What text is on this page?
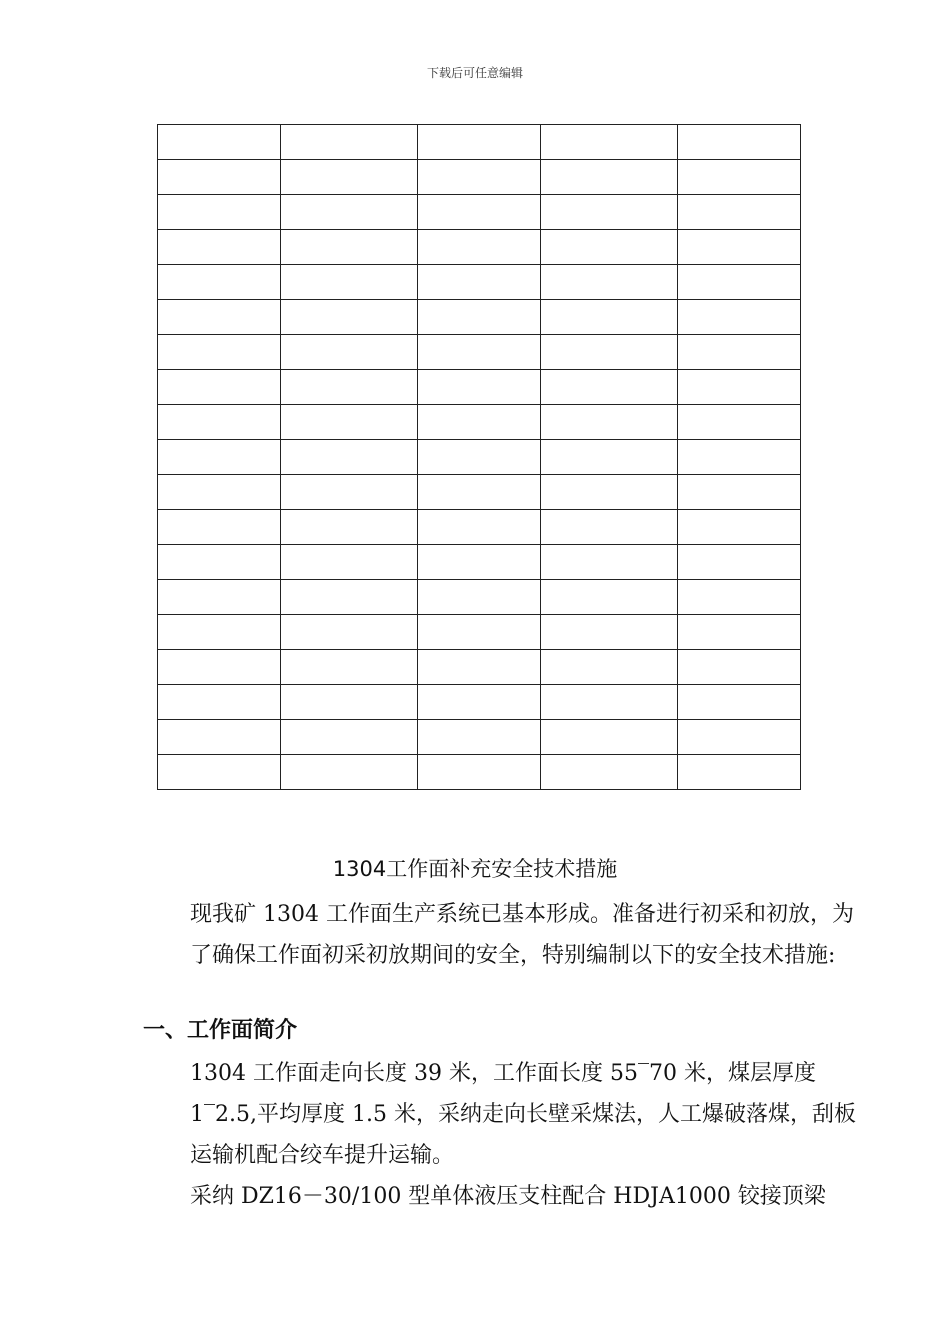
下载后可任意编辑

1304工作面补充安全技术措施

现我矿 1304 工作面生产系统已基本形成。准备进行初采和初放，为了确保工作面初采初放期间的安全，特别编制以下的安全技术措施:

一、工作面简介

1304 工作面走向长度 39 米，工作面长度 55‾70 米，煤层厚度 1‾2.5,平均厚度 1.5 米，采纳走向长壁采煤法，人工爆破落煤，刮板运输机配合绞车提升运输。

采纳 DZ16－30/100 型单体液压支柱配合 HDJA1000 铰接顶梁
